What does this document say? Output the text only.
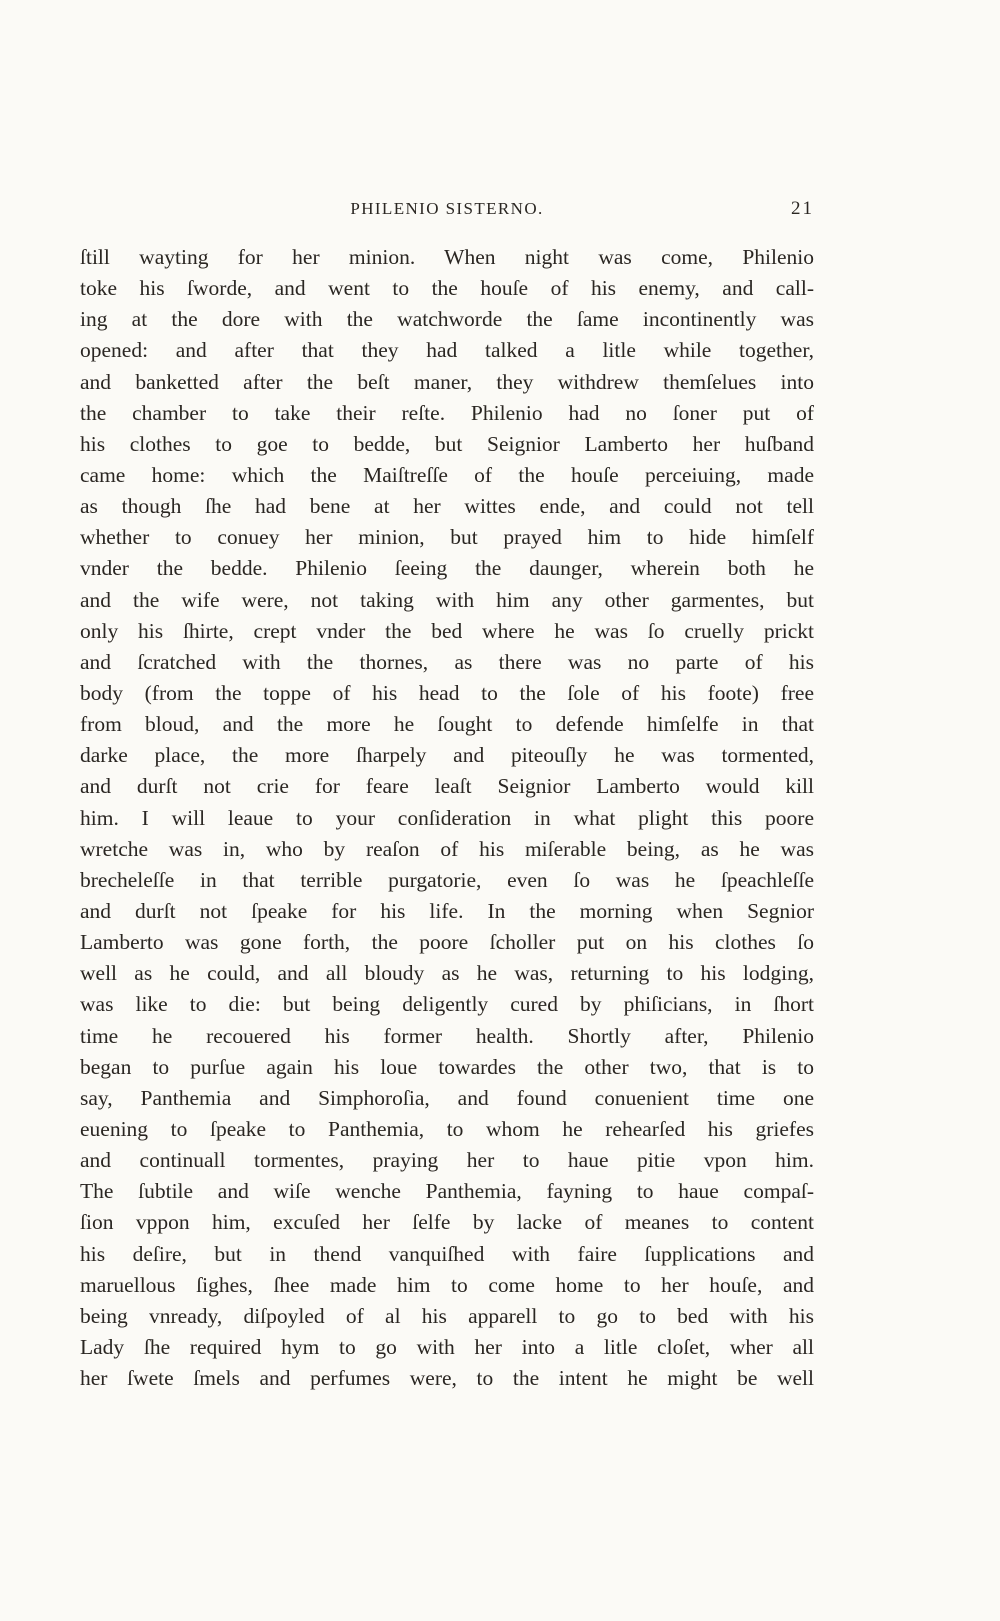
PHILENIO SISTERNO.	21
ſtill wayting for her minion. When night was come, Philenio
toke his ſworde, and went to the houſe of his enemy, and call-
ing at the dore with the watchworde the ſame incontinently was
opened: and after that they had talked a litle while together,
and banketted after the beſt maner, they withdrew themſelues into
the chamber to take their reſte. Philenio had no ſoner put of
his clothes to goe to bedde, but Seignior Lamberto her huſband
came home: which the Maiſtreſſe of the houſe perceiuing, made
as though ſhe had bene at her wittes ende, and could not tell
whether to conuey her minion, but prayed him to hide himſelf
vnder the bedde. Philenio ſeeing the daunger, wherein both he
and the wife were, not taking with him any other garmentes, but
only his ſhirte, crept vnder the bed where he was ſo cruelly prickt
and ſcratched with the thornes, as there was no parte of his
body (from the toppe of his head to the ſole of his foote) free
from bloud, and the more he ſought to defende himſelfe in that
darke place, the more ſharpely and piteouſly he was tormented,
and durſt not crie for feare leaſt Seignior Lamberto would kill
him. I will leaue to your conſideration in what plight this poore
wretche was in, who by reaſon of his miſerable being, as he was
brecheleſſe in that terrible purgatorie, even ſo was he ſpeachleſſe
and durſt not ſpeake for his life. In the morning when Segnior
Lamberto was gone forth, the poore ſcholler put on his clothes ſo
well as he could, and all bloudy as he was, returning to his lodging,
was like to die: but being deligently cured by phiſicians, in ſhort
time he recouered his former health. Shortly after, Philenio
began to purſue again his loue towardes the other two, that is to
say, Panthemia and Simphoroſia, and found conuenient time one
euening to ſpeake to Panthemia, to whom he rehearſed his griefes
and continuall tormentes, praying her to haue pitie vpon him.
The ſubtile and wiſe wenche Panthemia, fayning to haue compaſ-
ſion vppon him, excuſed her ſelfe by lacke of meanes to content
his deſire, but in thend vanquiſhed with faire ſupplications and
maruellous ſighes, ſhee made him to come home to her houſe, and
being vnready, diſpoyled of al his apparell to go to bed with his
Lady ſhe required hym to go with her into a litle cloſet, wher all
her ſwete ſmels and perfumes were, to the intent he might be well
